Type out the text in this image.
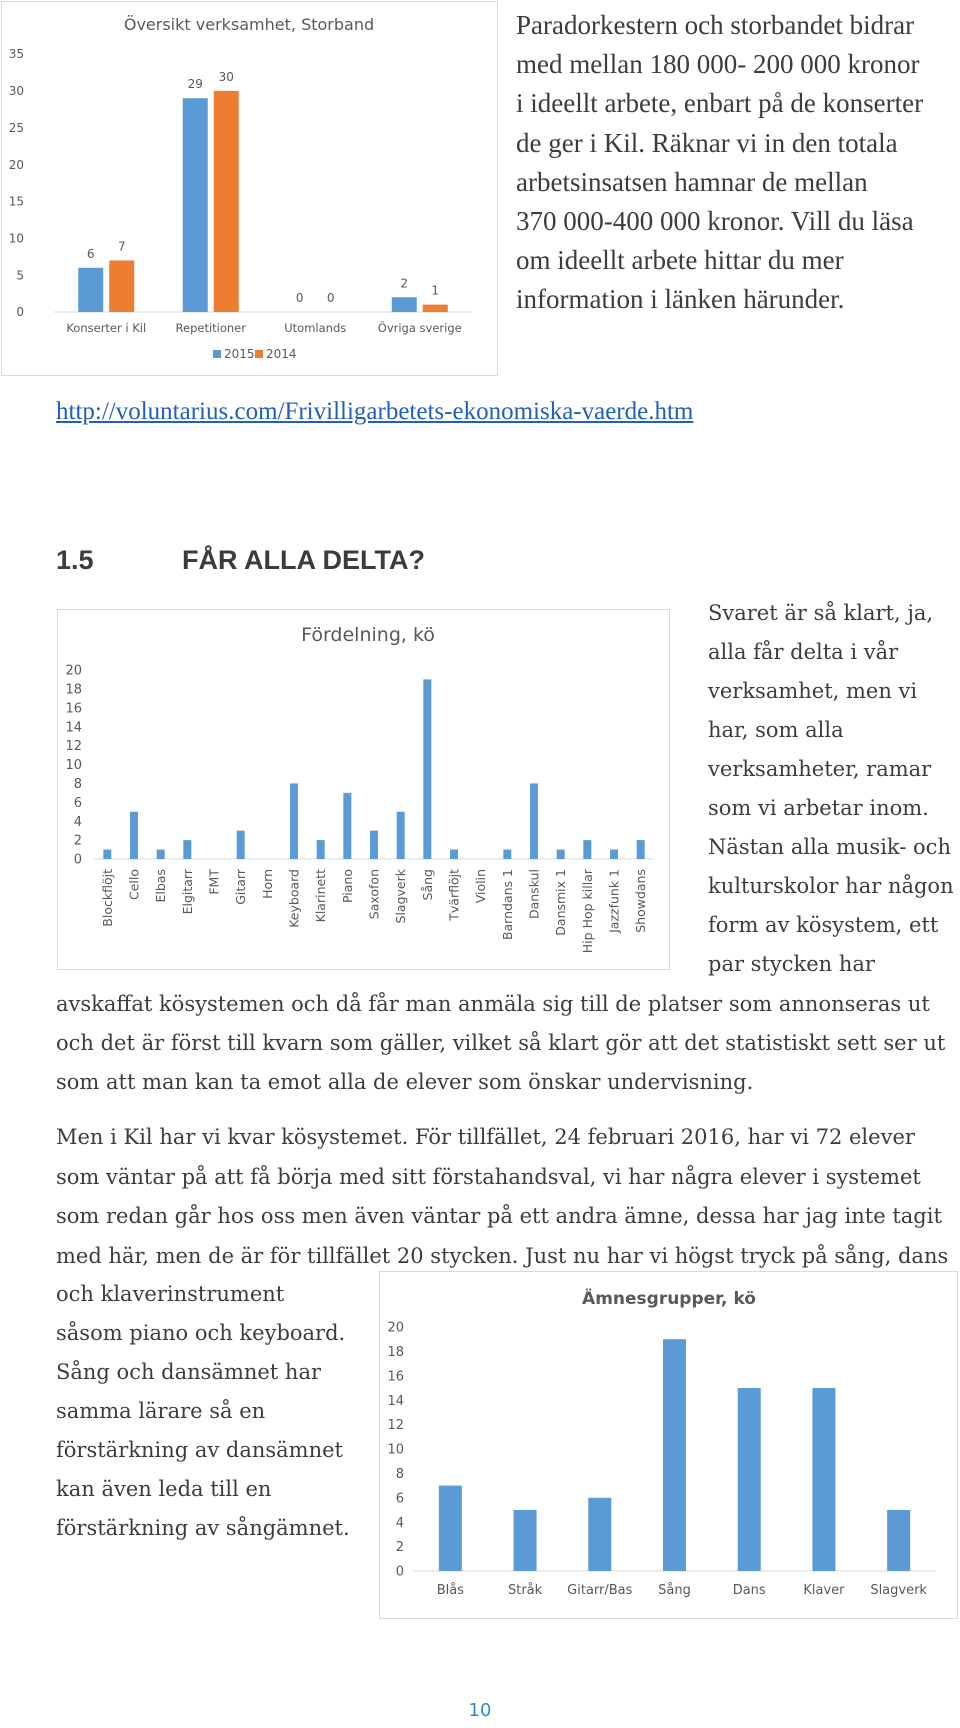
Översikt verksamhet, Storband
0
5
10
15
20
25
30
35
6
7
Konserter i Kil
29
30
Repetitioner
0 0
Utomlands
2
1
Övriga sverige
2015 2014
Paradorkestern och storbandet bidrar
med mellan 180 000- 200 000 kronor
i ideellt arbete, enbart på de konserter
de ger i Kil. Räknar vi in den totala
arbetsinsatsen hamnar de mellan
370 000-400 000 kronor. Vill du läsa
om ideellt arbete hittar du mer
information i länken härunder.
http://voluntarius.com/Frivilligarbetets-ekonomiska-vaerde.htm
1.5	FÅR ALLA DELTA?
Fördelning, kö
0
2
4
6
8
10
12
14
16
18
20
Blockflöjt Cello Elbas Elgitarr FMT Gitarr Horn Keyboard Klarinett Piano Saxofon Slagverk Sång Tvärflöjt Violin Barndans 1 Danskul Dansmix 1 Hip Hop killar Jazzfunk 1 Showdans
Svaret är så klart, ja,
alla får delta i vår
verksamhet, men vi
har, som alla
verksamheter, ramar
som vi arbetar inom.
Nästan alla musik- och
kulturskolor har någon
form av kösystem, ett
par stycken har
avskaffat kösystemen och då får man anmäla sig till de platser som annonseras ut
och det är först till kvarn som gäller, vilket så klart gör att det statistiskt sett ser ut
som att man kan ta emot alla de elever som önskar undervisning.
Men i Kil har vi kvar kösystemet. För tillfället, 24 februari 2016, har vi 72 elever
som väntar på att få börja med sitt förstahandsval, vi har några elever i systemet
som redan går hos oss men även väntar på ett andra ämne, dessa har jag inte tagit
med här, men de är för tillfället 20 stycken. Just nu har vi högst tryck på sång, dans
och klaverinstrument
såsom piano och keyboard.
Sång och dansämnet har
samma lärare så en
förstärkning av dansämnet
kan även leda till en
förstärkning av sångämnet.
Ämnesgrupper, kö
0
2
4
6
8
10
12
14
16
18
20
Blås	Stråk Gitarr/Bas Sång	Dans	Klaver Slagverk
10
